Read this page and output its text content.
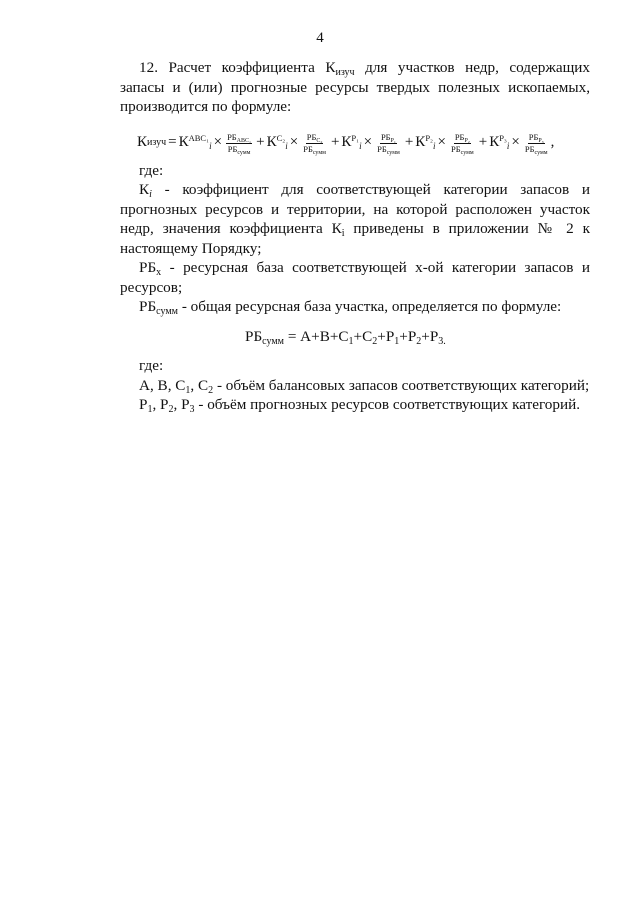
4

12. Расчет коэффициента $К_{изуч}$ для участков недр, содержащих запасы и (или) прогнозные ресурсы твердых полезных ископаемых, производится по формуле:

К изуч = $К^{ABC_1}_i \times \frac{РБ_{ABC_1}}{РБ_{сумм}} + К^{C_2}_i \times \frac{РБ_{C_2}}{РБ_{сумм}} + К^{P_1}_i \times \frac{РБ_{P_1}}{РБ_{сумм}} + К^{P_2}_i \times \frac{РБ_{P_2}}{РБ_{сумм}} + К^{P_3}_i \times \frac{РБ_{P_3}}{РБ_{сумм}}$ ,

где:

$К_i$ - коэффициент для соответствующей категории запасов и прогнозных ресурсов и территории, на которой расположен участок недр, значения коэффициента $К_i$ приведены в приложении № 2 к настоящему Порядку;

$РБ_х$ - ресурсная база соответствующей х-ой категории запасов и ресурсов;

$РБ_{сумм}$ - общая ресурсная база участка, определяется по формуле:

$РБ_{сумм} = A+B+C_1+C_2+P_1+P_2+P_{3.}$

где:

A, B, $C_1$, $C_2$ - объём балансовых запасов соответствующих категорий;

$P_1$, $P_2$, $P_3$ - объём прогнозных ресурсов соответствующих категорий.
